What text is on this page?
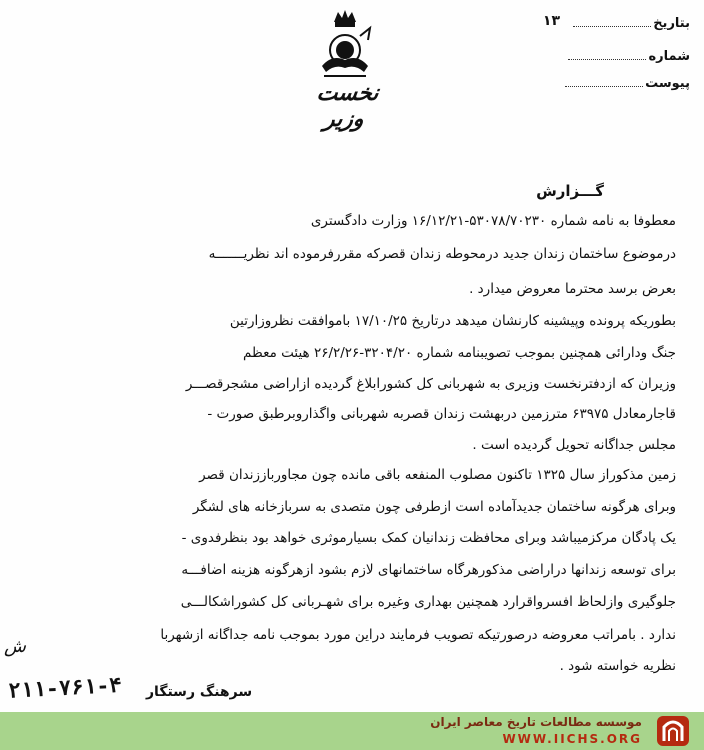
بتاریخ
۱۳
شماره
پیوست
نخست وزیر
گـــزارش
معطوفا به نامه شماره ۵۳۰۷۸/۷۰۲۳۰-۱۶/۱۲/۲۱ وزارت دادگستری
درموضوع ساختمان زندان جدید درمحوطه زندان قصرکه مقررفرموده اند نظریـــــــه
بعرض برسد محترما معروض میدارد .
بطوریکه پرونده وپیشینه کارنشان میدهد درتاریخ ۱۷/۱۰/۲۵ باموافقت نظروزارتین
جنگ ودارائی همچنین بموجب تصویبنامه شماره ۳۲۰۴/۲۰-۲۶/۲/۲۶ هیئت معظم
وزیران که ازدفترنخست وزیری به شهربانی کل کشورابلاغ گردیده ازاراضی مشجرقصـــر
قاجارمعادل ۶۳۹۷۵ مترزمین دربهشت زندان قصربه شهربانی واگذاروبرطبق صورت -
مجلس جداگانه تحویل گردیده است .
زمین مذکوراز سال ۱۳۲۵ تاکنون مصلوب المنفعه باقی مانده چون مجاورباززندان قصر
وبرای هرگونه ساختمان جدیدآماده است ازطرفی چون متصدی به سربازخانه های لشگر
یک پادگان مرکزمیباشد وبرای محافظت زندانیان کمک بسیارموثری خواهد بود بنظرفدوی -
برای توسعه زندانها دراراضی مذکورهرگاه ساختمانهای لازم بشود ازهرگونه هزینه اضافـــه
جلوگیری وازلحاظ افسرواقرارد همچنین بهداری وغیره برای شهـربانی کل کشوراشکالـــی
ندارد . بامراتب معروضه درصورتیکه تصویب فرمایند دراین مورد بموجب نامه جداگانه ازشهربا
نظریه خواسته شود .
ش
۲۱۱-۷۶۱-۴ سرهنگ رستگار
موسسه مطالعات تاریخ معاصر ایران
WWW.IICHS.ORG
